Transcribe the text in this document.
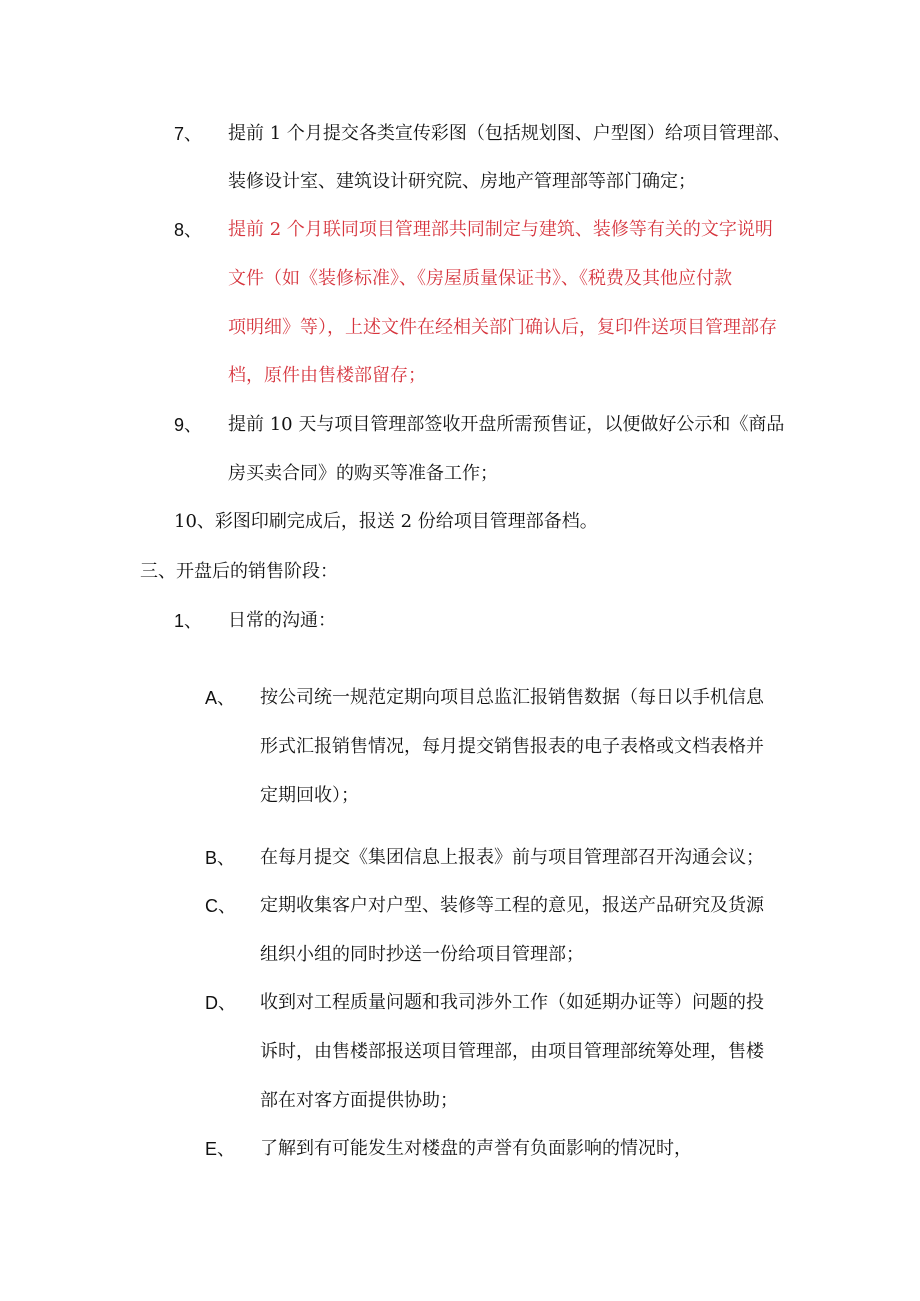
7、 提前 1 个月提交各类宣传彩图（包括规划图、户型图）给项目管理部、
装修设计室、建筑设计研究院、房地产管理部等部门确定；
8、 提前 2 个月联同项目管理部共同制定与建筑、装修等有关的文字说明
文件（如《装修标准》、《房屋质量保证书》、《税费及其他应付款
项明细》等），上述文件在经相关部门确认后，复印件送项目管理部存
档，原件由售楼部留存；
9、 提前 10 天与项目管理部签收开盘所需预售证，以便做好公示和《商品
房买卖合同》的购买等准备工作；
10、彩图印刷完成后，报送 2 份给项目管理部备档。
三、开盘后的销售阶段：
1、 日常的沟通：
A、 按公司统一规范定期向项目总监汇报销售数据（每日以手机信息
形式汇报销售情况，每月提交销售报表的电子表格或文档表格并
定期回收）；
B、 在每月提交《集团信息上报表》前与项目管理部召开沟通会议；
C、 定期收集客户对户型、装修等工程的意见，报送产品研究及货源
组织小组的同时抄送一份给项目管理部；
D、 收到对工程质量问题和我司涉外工作（如延期办证等）问题的投
诉时，由售楼部报送项目管理部，由项目管理部统筹处理，售楼
部在对客方面提供协助；
E、 了解到有可能发生对楼盘的声誉有负面影响的情况时，
